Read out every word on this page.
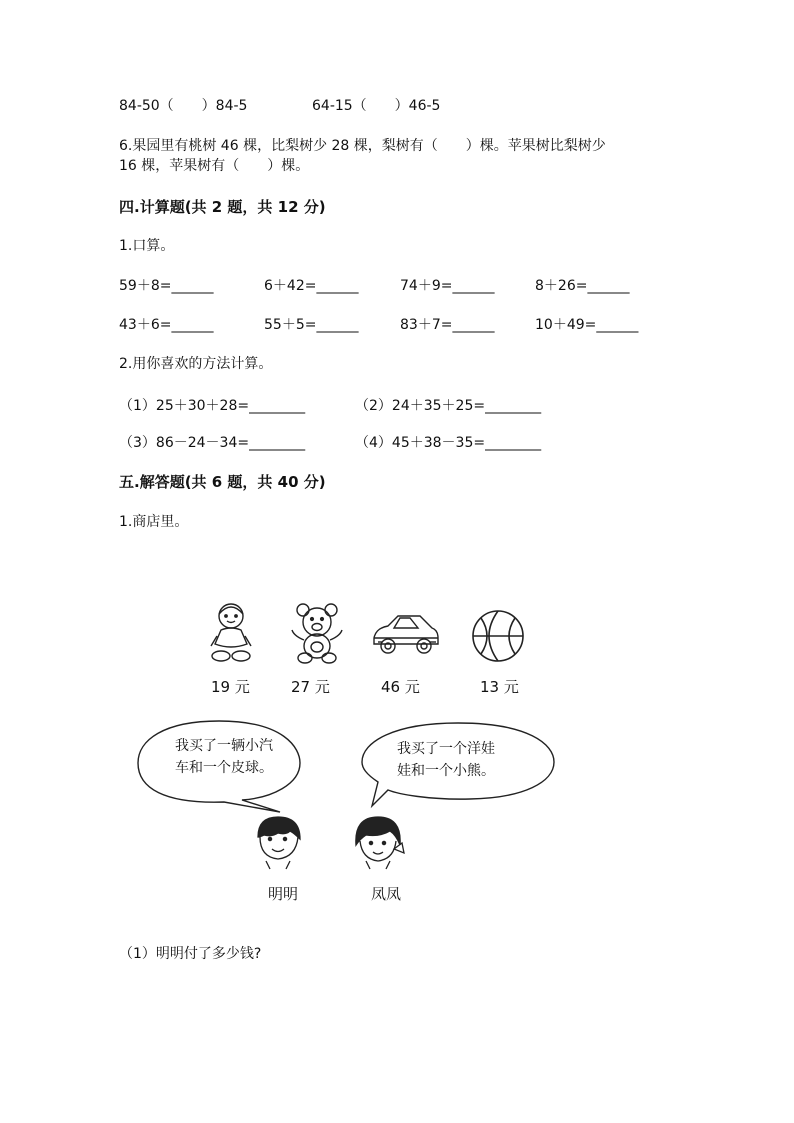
84-50（　　）84-5	64-15（　　）46-5
6.果园里有桃树 46 棵，比梨树少 28 棵，梨树有（　　）棵。苹果树比梨树少
16 棵，苹果树有（　　）棵。
四.计算题(共 2 题，共 12 分)
1.口算。
59＋8=______	6＋42=______	74＋9=______	8＋26=______
43＋6=______	55＋5=______	83＋7=______	10＋49=______
2.用你喜欢的方法计算。
（1）25＋30＋28=________	（2）24＋35＋25=________
（3）86－24－34=________	（4）45＋38－35=________
五.解答题(共 6 题，共 40 分)
1.商店里。
19 元	27 元	46 元	13 元
我买了一辆小汽
车和一个皮球。
我买了一个洋娃
娃和一个小熊。
明明	凤凤
（1）明明付了多少钱?
